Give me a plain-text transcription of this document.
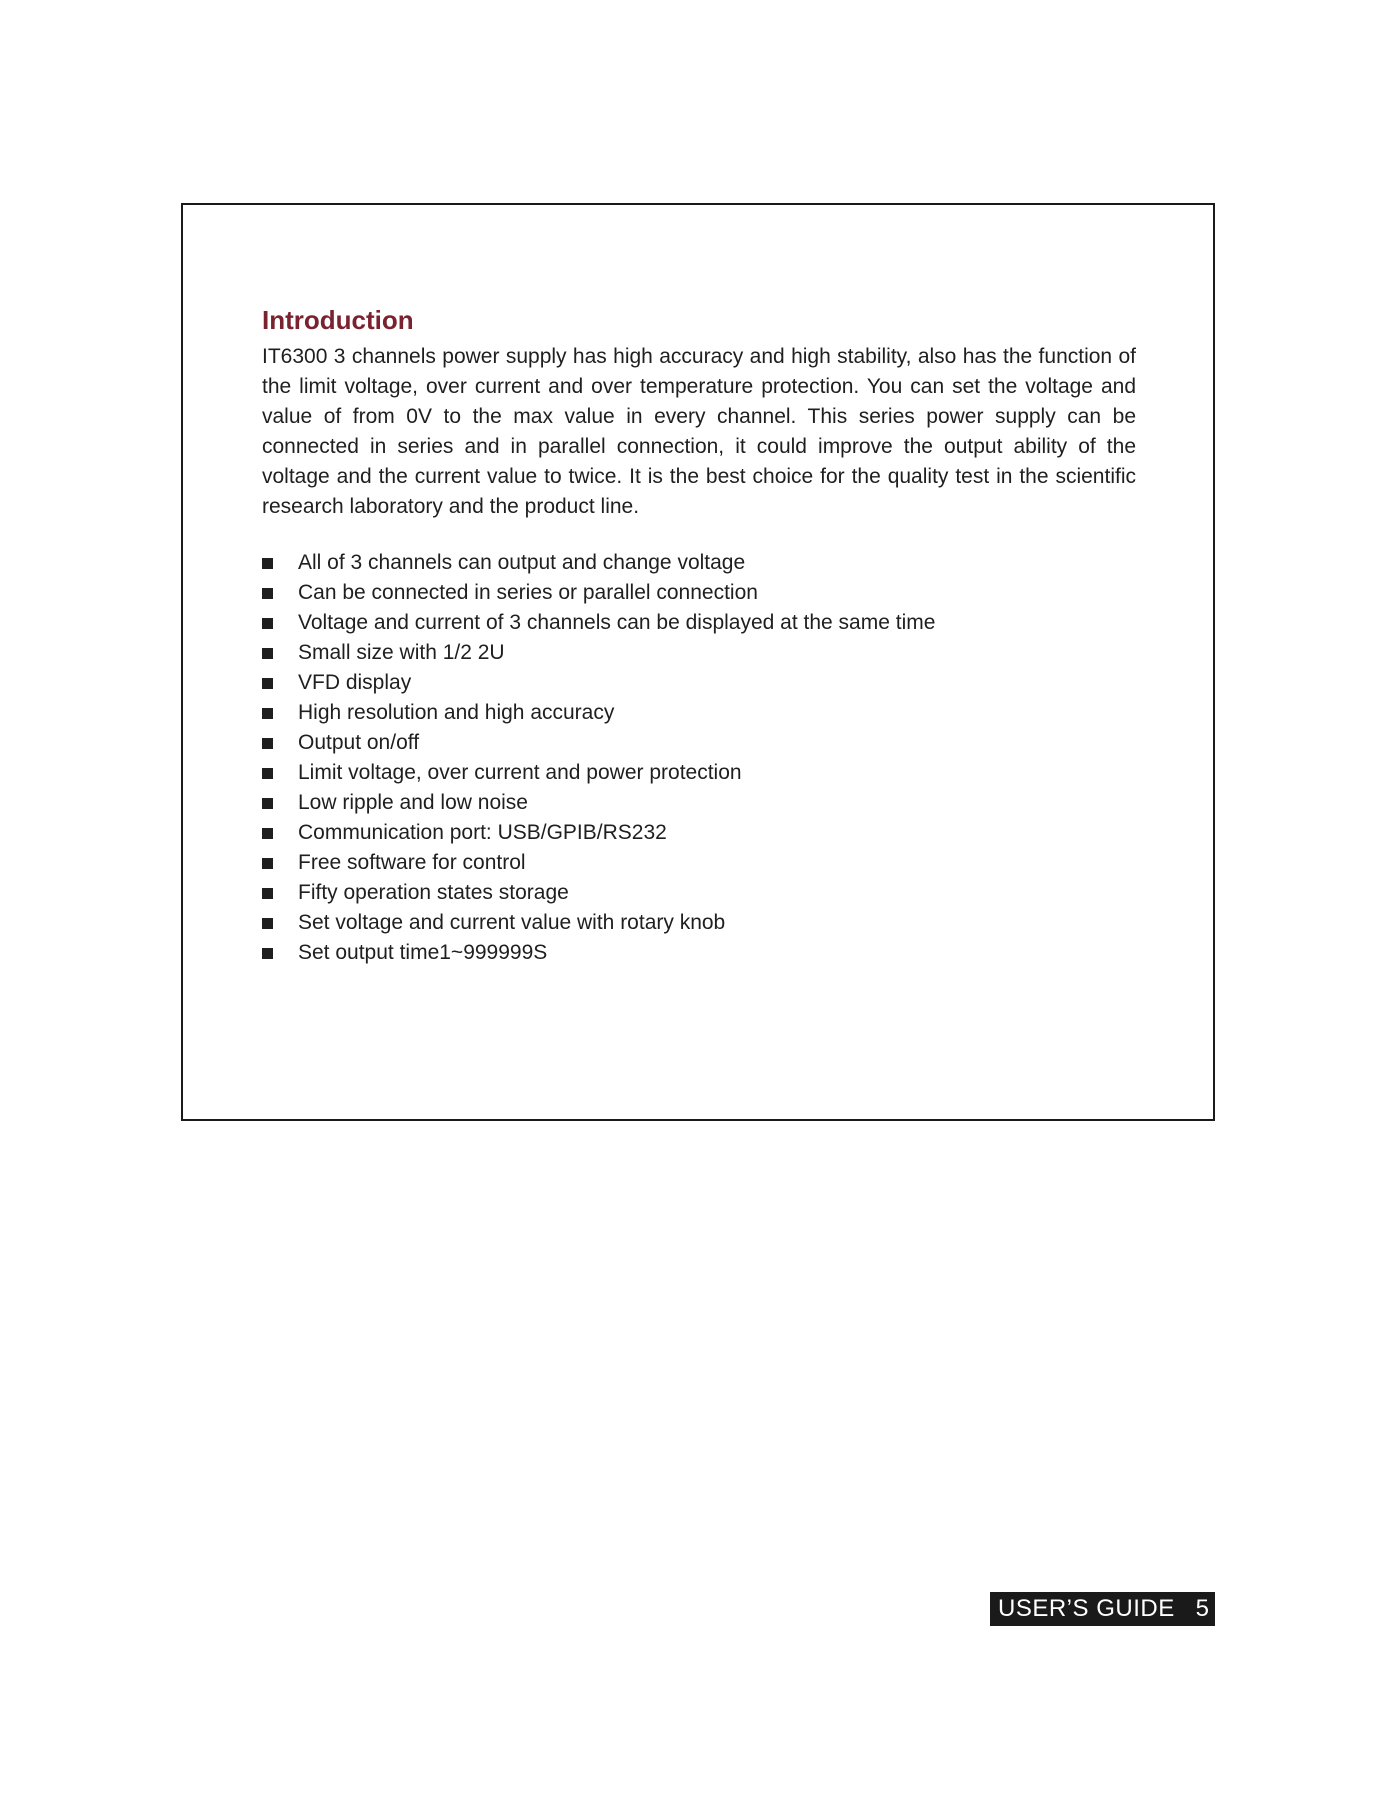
Introduction

IT6300 3 channels power supply has high accuracy and high stability, also has the function of the limit voltage, over current and over temperature protection. You can set the voltage and value of from 0V to the max value in every channel. This series power supply can be connected in series and in parallel connection, it could improve the output ability of the voltage and the current value to twice. It is the best choice for the quality test in the scientific research laboratory and the product line.

All of 3 channels can output and change voltage
Can be connected in series or parallel connection
Voltage and current of 3 channels can be displayed at the same time
Small size with 1/2 2U
VFD display
High resolution and high accuracy
Output on/off
Limit voltage, over current and power protection
Low ripple and low noise
Communication port: USB/GPIB/RS232
Free software for control
Fifty operation states storage
Set voltage and current value with rotary knob
Set output time1~999999S
USER’S GUIDE 5
